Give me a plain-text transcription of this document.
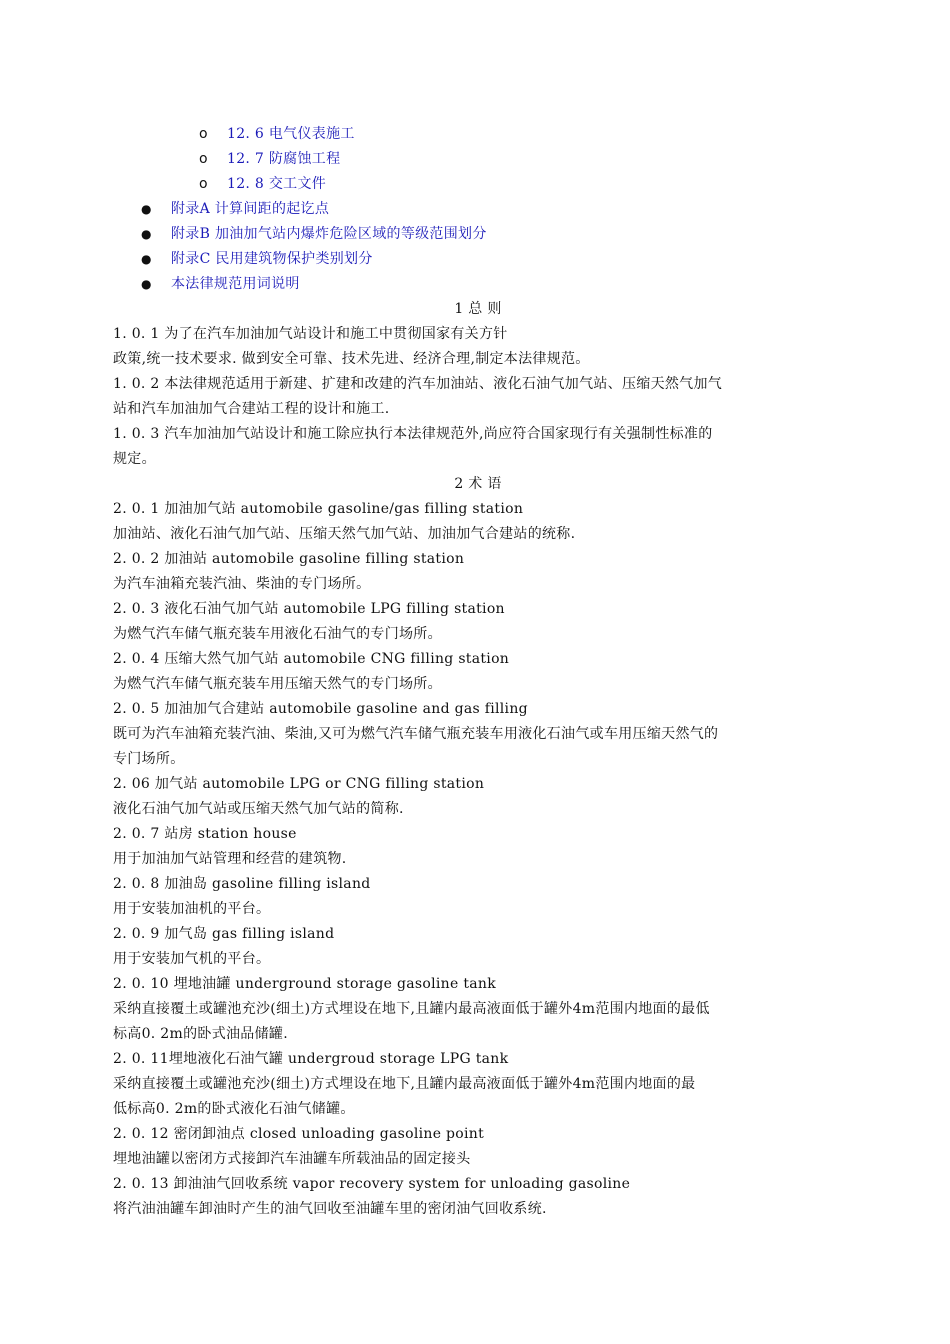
o 12. 6 电气仪表施工
o 12. 7 防腐蚀工程
o 12. 8 交工文件
● 附录A 计算间距的起讫点
● 附录B 加油加气站内爆炸危险区域的等级范围划分
● 附录C 民用建筑物保护类别划分
● 本法律规范用词说明
1 总 则
1. 0. 1 为了在汽车加油加气站设计和施工中贯彻国家有关方针
政策,统一技术要求. 做到安全可靠、技术先进、经济合理,制定本法律规范。
1. 0. 2 本法律规范适用于新建、扩建和改建的汽车加油站、液化石油气加气站、压缩天然气加气
站和汽车加油加气合建站工程的设计和施工.
1. 0. 3 汽车加油加气站设计和施工除应执行本法律规范外,尚应符合国家现行有关强制性标准的
规定。
2 术 语
2. 0. 1 加油加气站 automobile gasoline/gas filling station
加油站、液化石油气加气站、压缩天然气加气站、加油加气合建站的统称.
2. 0. 2 加油站 automobile gasoline filling station
为汽车油箱充装汽油、柴油的专门场所。
2. 0. 3 液化石油气加气站 automobile LPG filling station
为燃气汽车储气瓶充装车用液化石油气的专门场所。
2. 0. 4 压缩大然气加气站 automobile CNG filling station
为燃气汽车储气瓶充装车用压缩天然气的专门场所。
2. 0. 5 加油加气合建站 automobile gasoline and gas filling
既可为汽车油箱充装汽油、柴油,又可为燃气汽车储气瓶充装车用液化石油气或车用压缩天然气的
专门场所。
2. 06 加气站 automobile LPG or CNG filling station
液化石油气加气站或压缩天然气加气站的简称.
2. 0. 7 站房 station house
用于加油加气站管理和经营的建筑物.
2. 0. 8 加油岛 gasoline filling island
用于安装加油机的平台。
2. 0. 9 加气岛 gas filling island
用于安装加气机的平台。
2. 0. 10 埋地油罐 underground storage gasoline tank
采纳直接覆土或罐池充沙(细土)方式埋设在地下,且罐内最高液面低于罐外4m范围内地面的最低
标高0. 2m的卧式油品储罐.
2. 0. 11埋地液化石油气罐 undergroud storage LPG tank
采纳直接覆土或罐池充沙(细土)方式埋设在地下,且罐内最高液面低于罐外4m范围内地面的最
低标高0. 2m的卧式液化石油气储罐。
2. 0. 12 密闭卸油点 closed unloading gasoline point
埋地油罐以密闭方式接卸汽车油罐车所载油品的固定接头
2. 0. 13 卸油油气回收系统 vapor recovery system for unloading gasoline
将汽油油罐车卸油时产生的油气回收至油罐车里的密闭油气回收系统.
